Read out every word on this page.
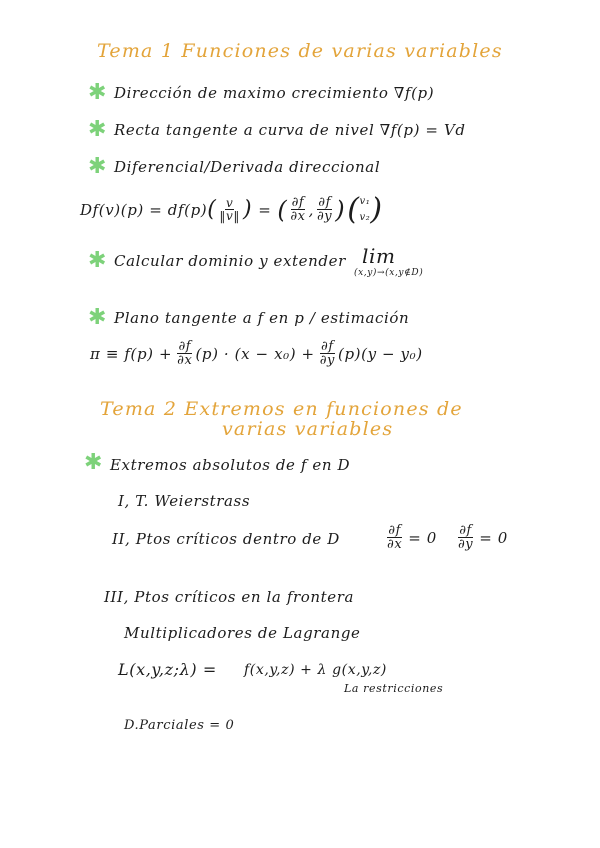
Tema 1 Funciones de varias variables
✱ Dirección de maximo crecimiento ∇f(p)
✱ Recta tangente a curva de nivel ∇f(p) = Vd
✱ Diferencial/Derivada direccional
Df(v)(p) = df(p) ( $\frac{v}{‖v‖}$ ) = ( $\frac{\partial f}{\partial x}$ , $\frac{\partial f}{\partial y}$ ) ( v₁
v₂ )
✱ Calcular dominio y extender lim
(x,y)→(x,y∉D)
✱ Plano tangente a f en p / estimación
$\pi \equiv f(p) + \frac{\partial f}{\partial x} (p) \cdot (x - x_0) + \frac{\partial f}{\partial y} (p)(y - y_0)$
Tema 2 Extremos en funciones de
varias variables
✱ Extremos absolutos de f en D
I, T. Weierstrass
II, Ptos críticos dentro de D	$\frac{\partial f}{\partial x} = 0 \frac{\partial f}{\partial y} = 0$
III, Ptos críticos en la frontera
Multiplicadores de Lagrange
L(x,y,z;λ) = f(x,y,z) + λ g(x,y,z)
La restricciones
D.Parciales = 0
